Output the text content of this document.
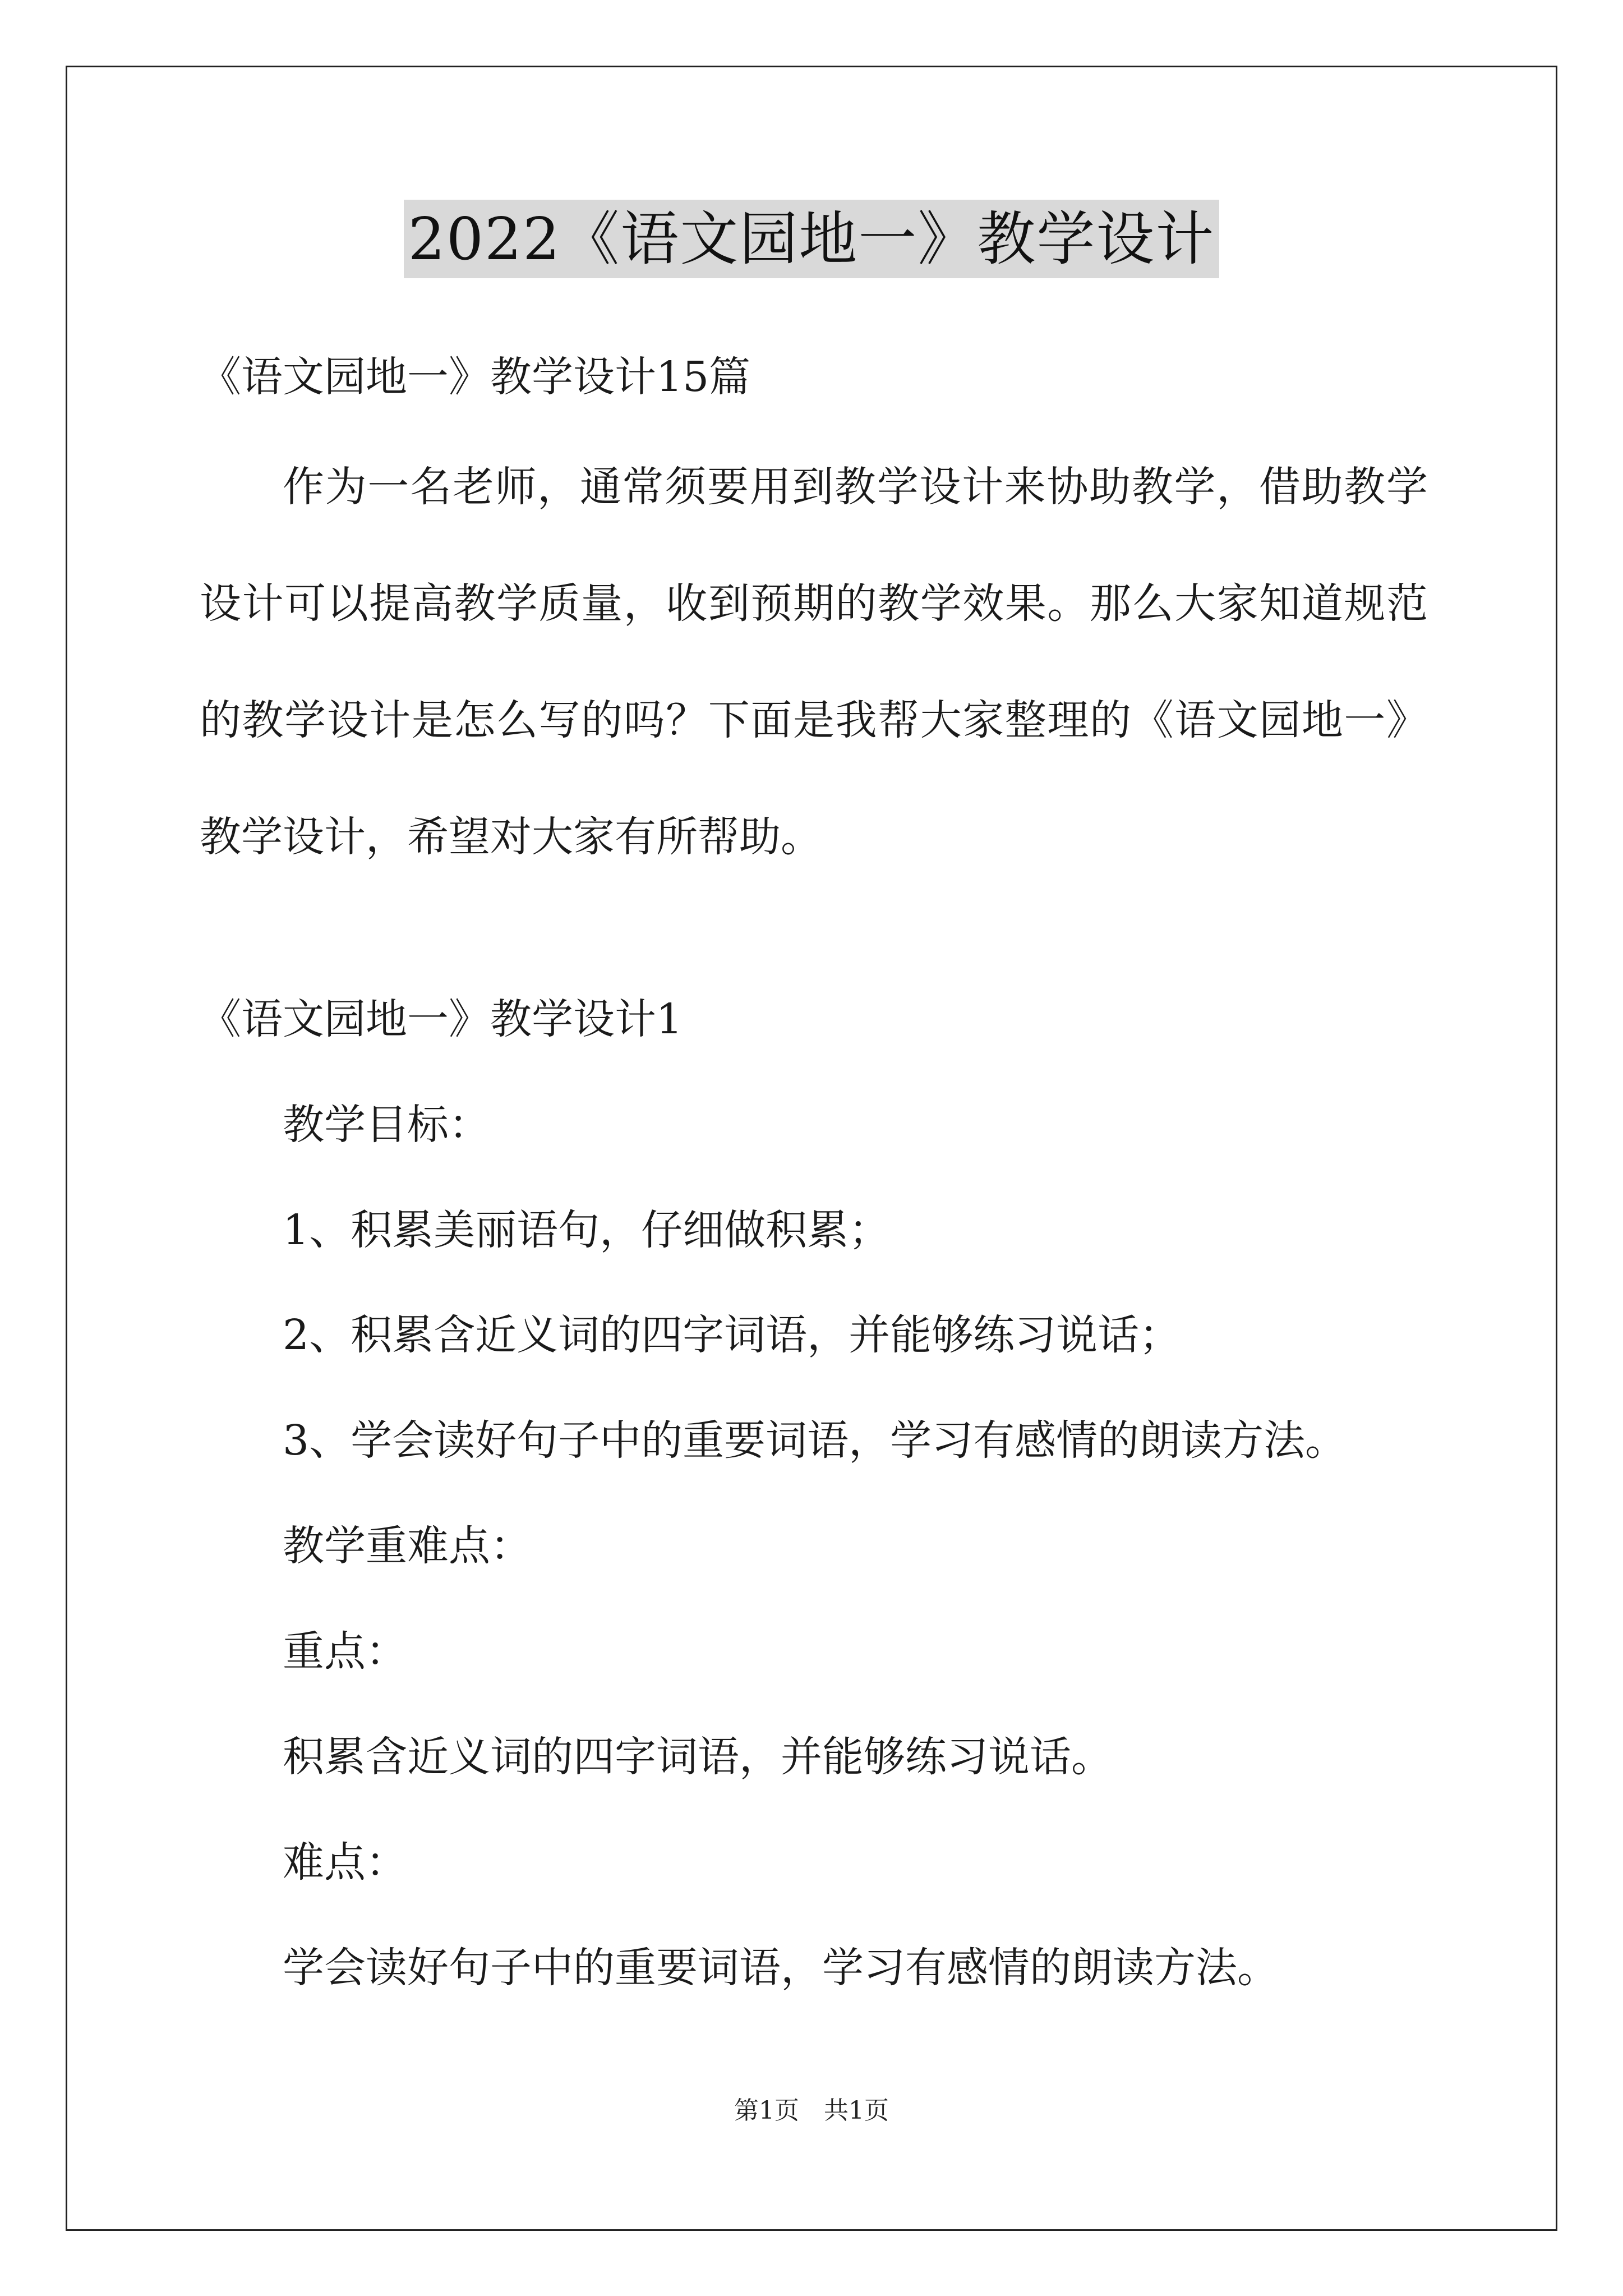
2022《语文园地一》教学设计
《语文园地一》教学设计15篇
作为一名老师，通常须要用到教学设计来协助教学，借助教学设计可以提高教学质量，收到预期的教学效果。那么大家知道规范的教学设计是怎么写的吗？下面是我帮大家整理的《语文园地一》教学设计，希望对大家有所帮助。
《语文园地一》教学设计1
教学目标：
1、积累美丽语句，仔细做积累；
2、积累含近义词的四字词语，并能够练习说话；
3、学会读好句子中的重要词语，学习有感情的朗读方法。
教学重难点：
重点：
积累含近义词的四字词语，并能够练习说话。
难点：
学会读好句子中的重要词语，学习有感情的朗读方法。
第1页　共1页
